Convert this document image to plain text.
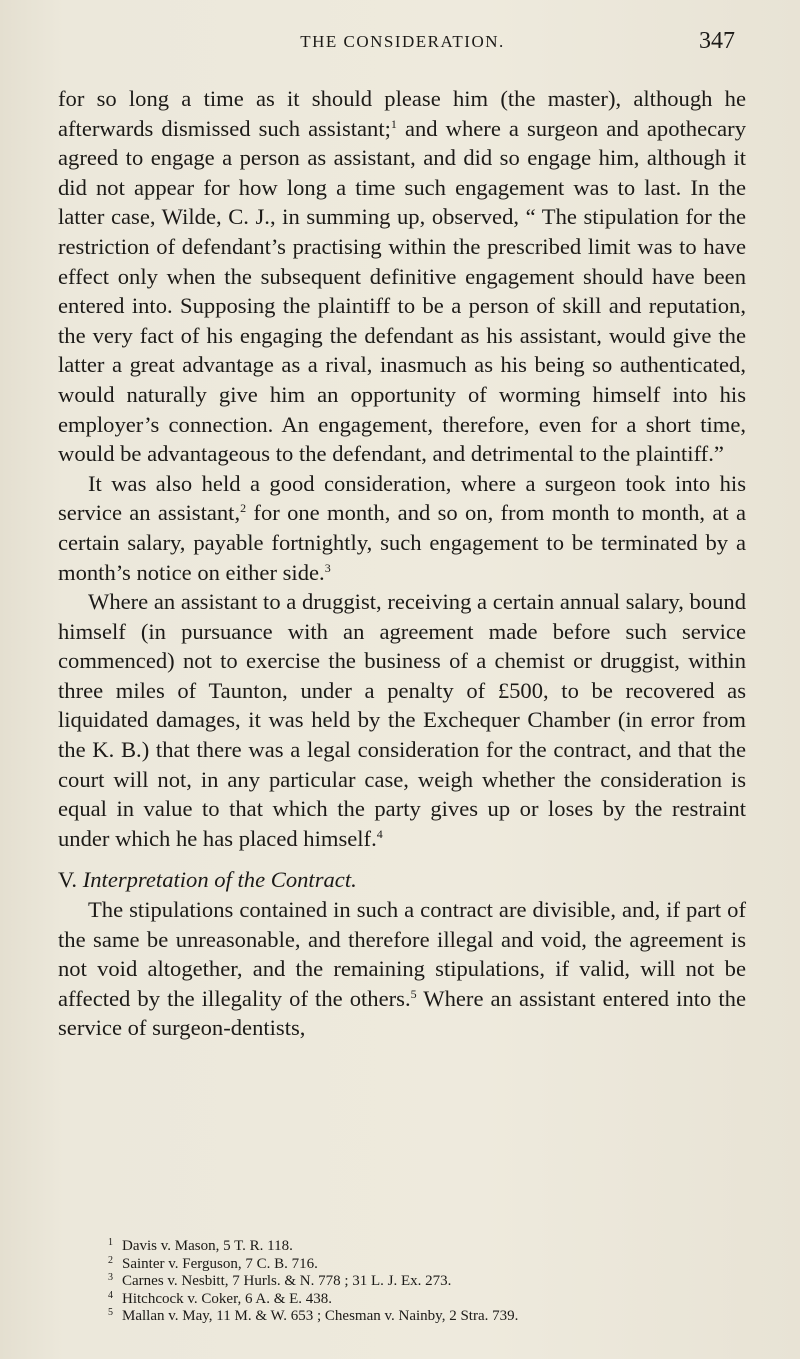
THE CONSIDERATION.	347

for so long a time as it should please him (the master), although he afterwards dismissed such assistant;$^1$ and where a surgeon and apothecary agreed to engage a person as assistant, and did so engage him, although it did not appear for how long a time such engagement was to last. In the latter case, Wilde, C. J., in summing up, observed, “ The stipulation for the restriction of defendant’s practising within the prescribed limit was to have effect only when the subsequent definitive engagement should have been entered into. Supposing the plaintiff to be a person of skill and reputation, the very fact of his engaging the defendant as his assistant, would give the latter a great advantage as a rival, inasmuch as his being so authenticated, would naturally give him an opportunity of worming himself into his employer’s connection. An engagement, therefore, even for a short time, would be advantageous to the defendant, and detrimental to the plaintiff.”

It was also held a good consideration, where a surgeon took into his service an assistant,$^2$ for one month, and so on, from month to month, at a certain salary, payable fortnightly, such engagement to be terminated by a month’s notice on either side.$^3$

Where an assistant to a druggist, receiving a certain annual salary, bound himself (in pursuance with an agreement made before such service commenced) not to exercise the business of a chemist or druggist, within three miles of Taunton, under a penalty of £500, to be recovered as liquidated damages, it was held by the Exchequer Chamber (in error from the K. B.) that there was a legal consideration for the contract, and that the court will not, in any particular case, weigh whether the consideration is equal in value to that which the party gives up or loses by the restraint under which he has placed himself.$^4$

V. Interpretation of the Contract.

The stipulations contained in such a contract are divisible, and, if part of the same be unreasonable, and therefore illegal and void, the agreement is not void altogether, and the remaining stipulations, if valid, will not be affected by the illegality of the others.$^5$ Where an assistant entered into the service of surgeon-dentists,

1 Davis v. Mason, 5 T. R. 118.
2 Sainter v. Ferguson, 7 C. B. 716.
3 Carnes v. Nesbitt, 7 Hurls. & N. 778 ; 31 L. J. Ex. 273.
4 Hitchcock v. Coker, 6 A. & E. 438.
5 Mallan v. May, 11 M. & W. 653 ; Chesman v. Nainby, 2 Stra. 739.
